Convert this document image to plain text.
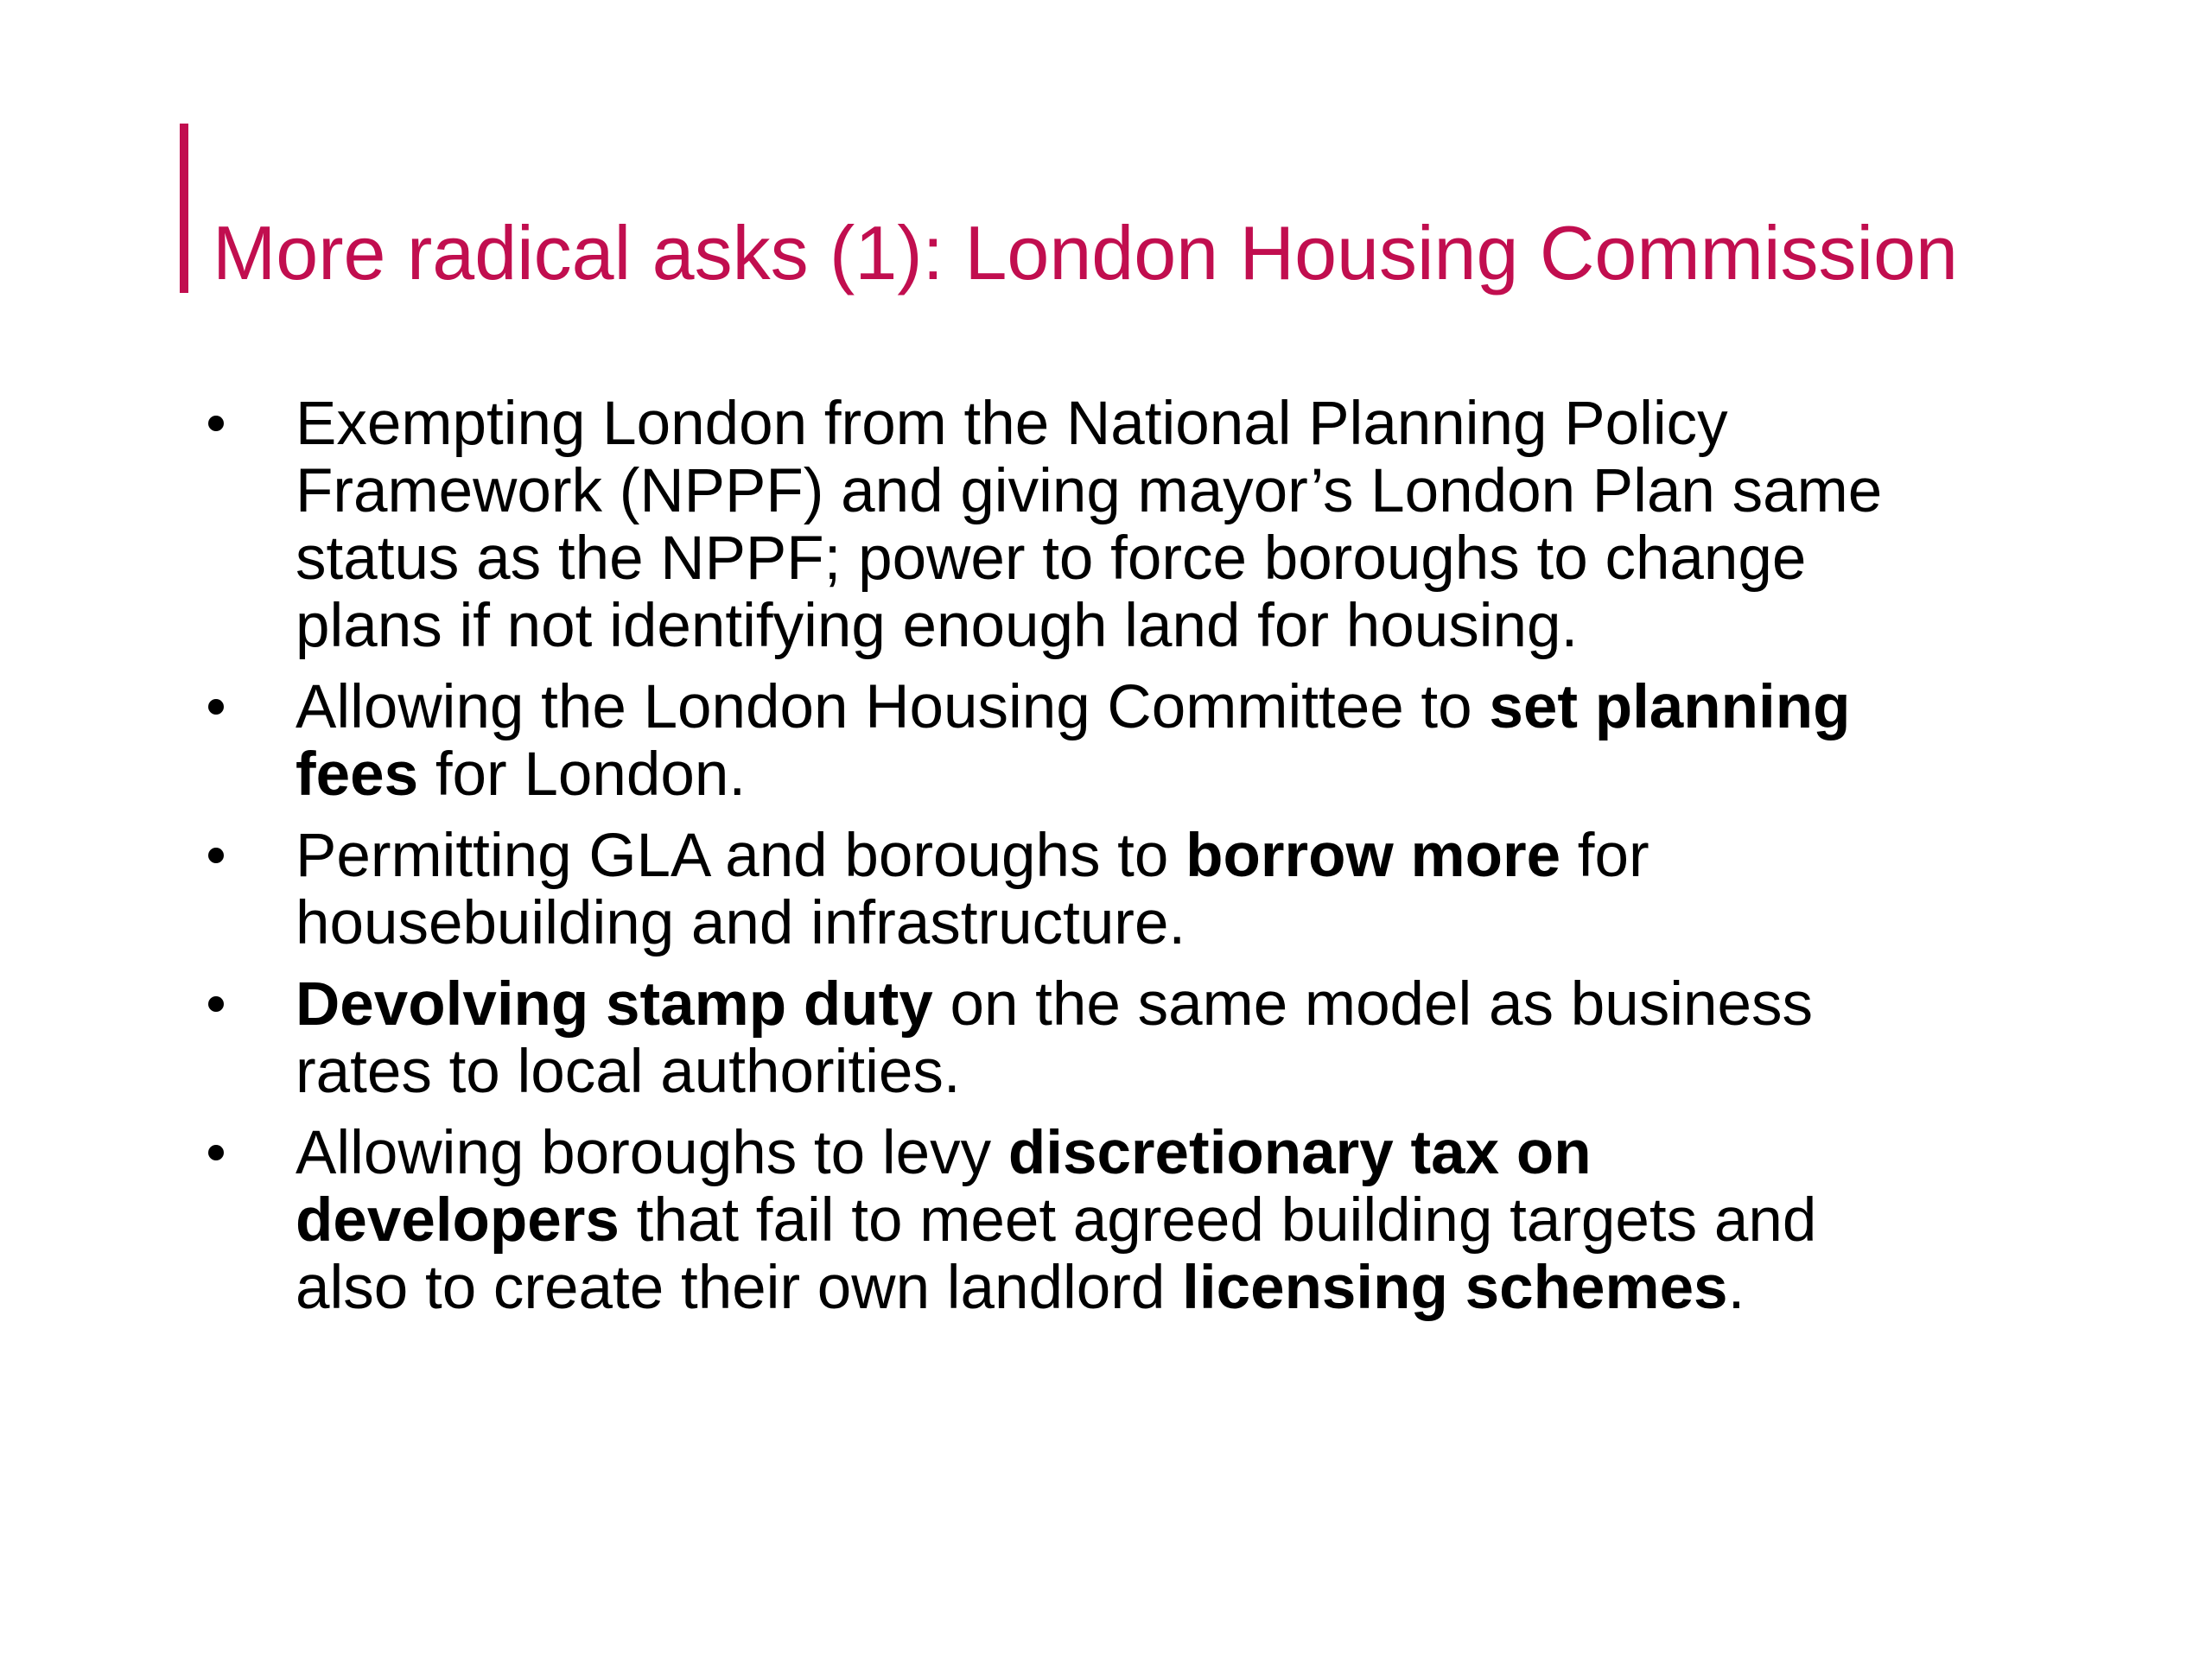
More radical asks (1): London Housing Commission
Exempting London from the National Planning Policy
Framework (NPPF) and giving mayor’s London Plan same
status as the NPPF; power to force boroughs to change
plans if not identifying enough land for housing.
Allowing the London Housing Committee to set planning
fees for London.
Permitting GLA and boroughs to borrow more for
housebuilding and infrastructure.
Devolving stamp duty on the same model as business
rates to local authorities.
Allowing boroughs to levy discretionary tax on
developers that fail to meet agreed building targets and
also to create their own landlord licensing schemes.
